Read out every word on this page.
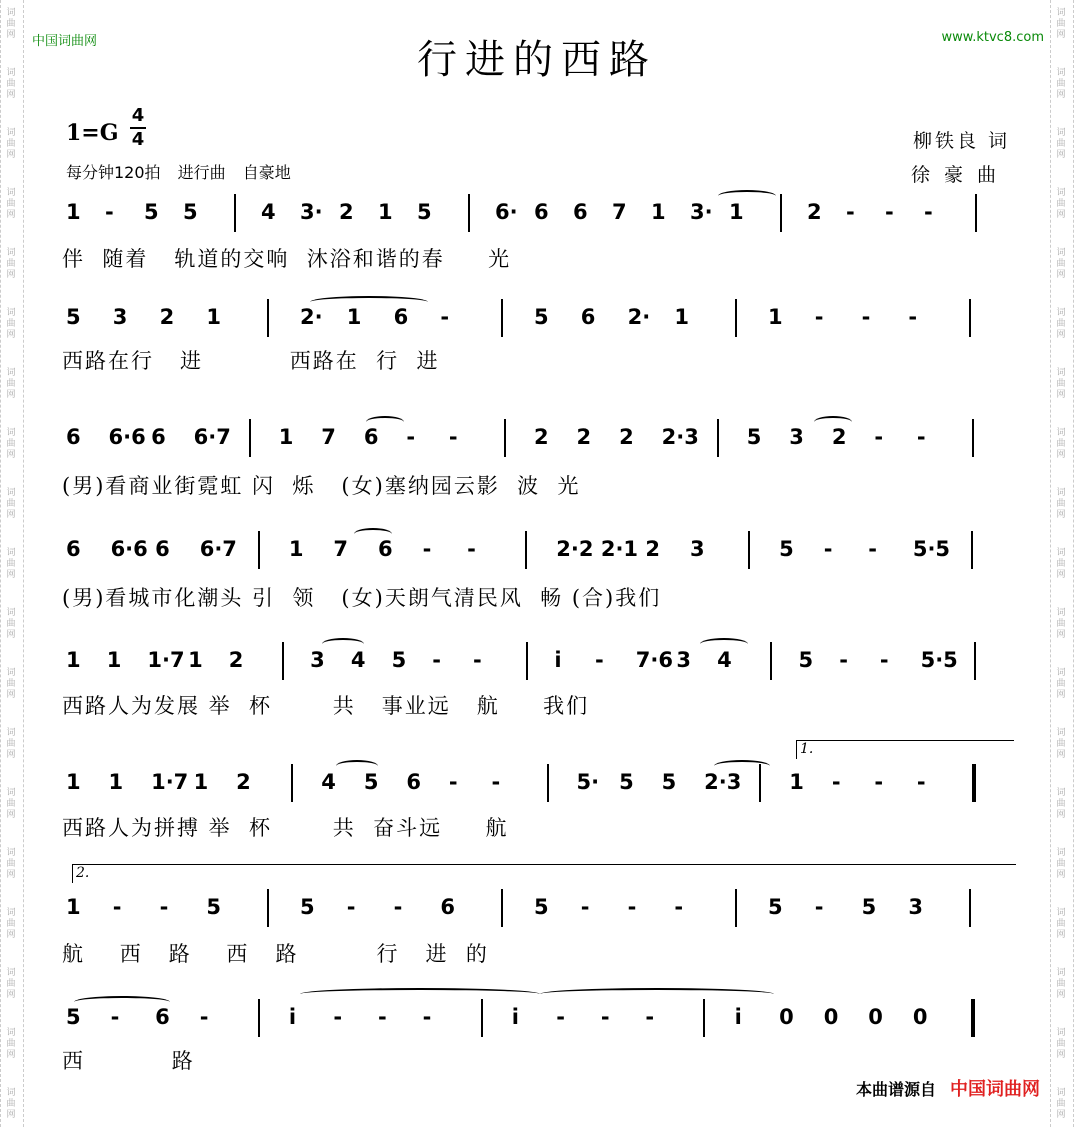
词
曲
网
词
曲
网
词
曲
网
词
曲
网
词
曲
网
词
曲
网
词
曲
网
词
曲
网
词
曲
网
词
曲
网
词
曲
网
词
曲
网
词
曲
网
词
曲
网
词
曲
网
词
曲
网
词
曲
网
词
曲
网
词
曲
网
词
曲
网
词
曲
网
词
曲
网
词
曲
网
词
曲
网
词
曲
网
词
曲
网
词
曲
网
词
曲
网
词
曲
网
词
曲
网
词
曲
网
词
曲
网
词
曲
网
词
曲
网
词
曲
网
词
曲
网
词
曲
网
词
曲
网
中国词曲网	www.ktvc8.com
行进的西路
1=G
4
4
每分钟120拍 进行曲 自豪地
柳铁良 词
徐豪曲
1 - 5 5	4 3· 2 1 5	6· 6 6 7 1 3· 1	2 - - -
伴  随着   轨道的交响  沐浴和谐的春     光
5 3 2 1	2· 1 6 -	5 6 2· 1	1 - - -
西路在行   进          西路在  行  进
6 6·6 6 6·7 1 7 6 - -	2 2 2 2·3 5 3 2 - -
(男)看商业街霓虹 闪  烁   (女)塞纳园云影  波  光
6 6·6 6 6·7 1 7 6 - -	2·2 2·1 2 3	5 - - 5·5
(男)看城市化潮头 引  领   (女)天朗气清民风  畅 (合)我们
1 1 1·7 1 2	3 4 5 - -	i - 7·6 3 4	5 - - 5·5
西路人为发展 举  杯       共   事业远   航     我们
1 1 1·7 1 2	4 5 6 - -	5· 5 5 2·3 1 - - -
西路人为拼搏 举  杯       共  奋斗远     航
1 - - 5	5 - - 6	5 - - -	5 - 5 3
航    西   路    西   路         行   进  的
5 - 6 -	i - - -	i - - -	i 0 0 0 0
西          路
1.
2.
本曲谱源自 中国词曲网
